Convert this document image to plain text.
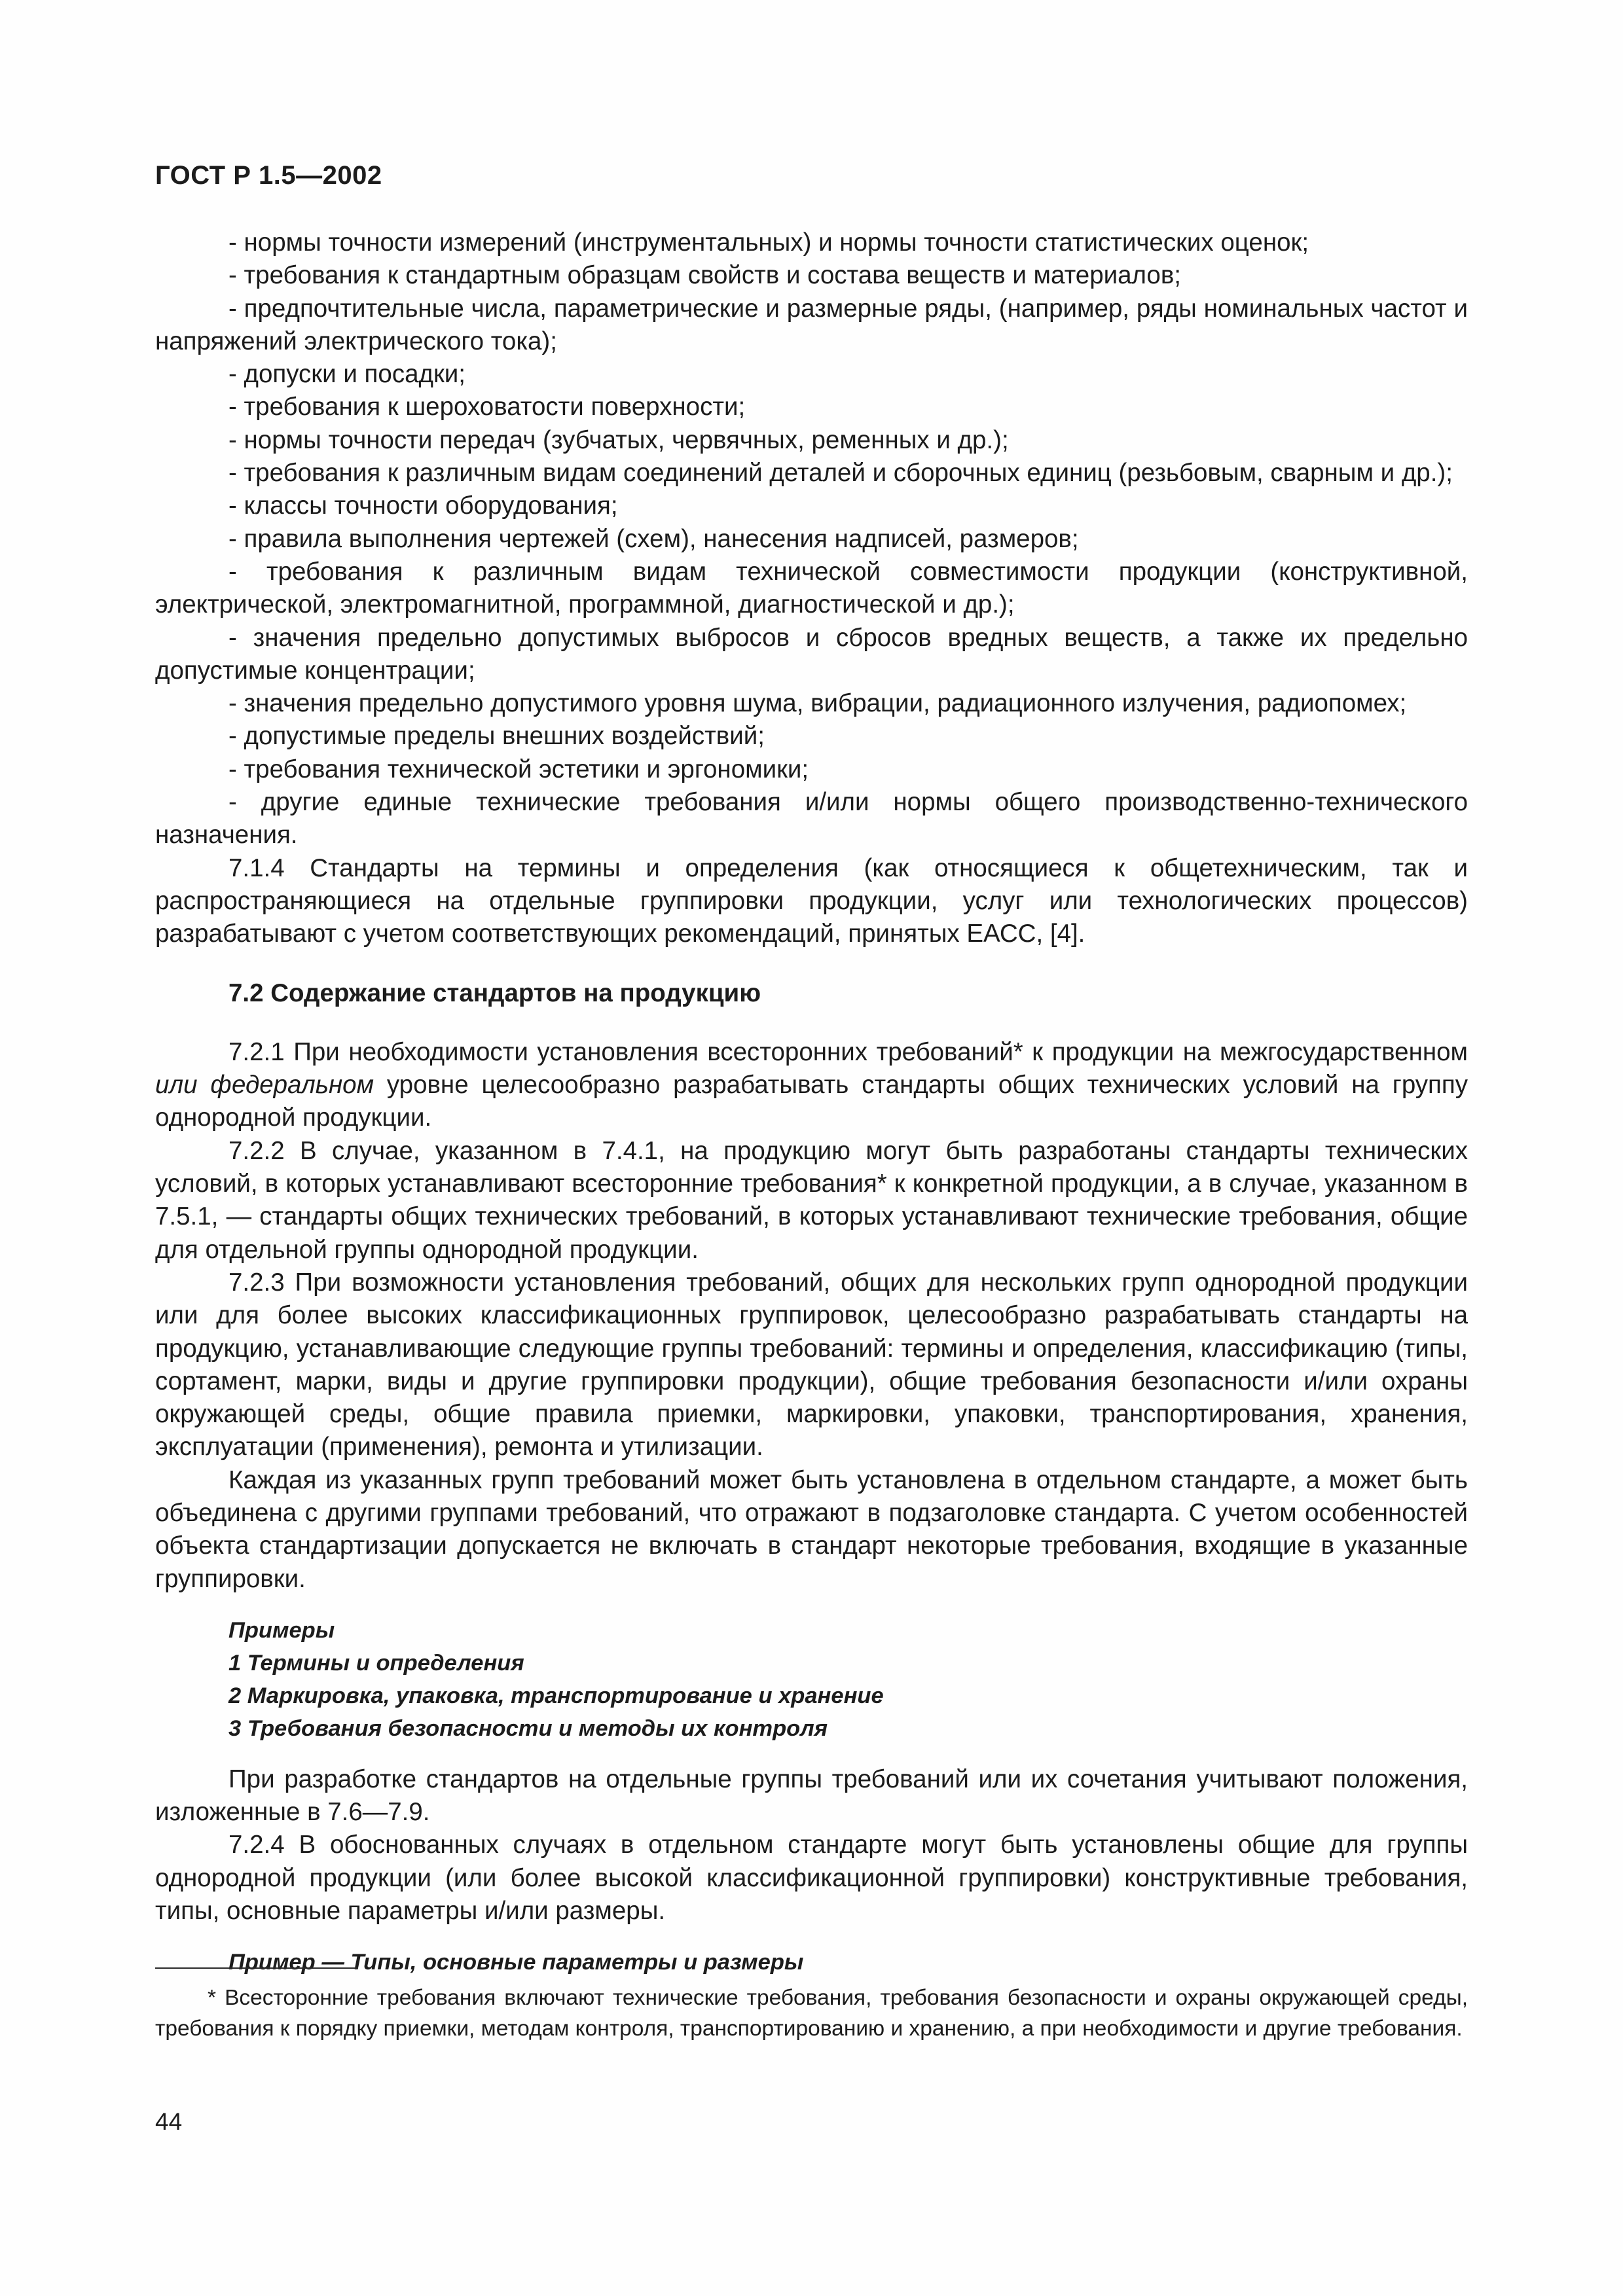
ГОСТ Р 1.5—2002

- нормы точности измерений (инструментальных) и нормы точности статистических оценок;

- требования к стандартным образцам свойств и состава веществ и материалов;

- предпочтительные числа, параметрические и размерные ряды, (например, ряды номинальных частот и напряжений электрического тока);

- допуски и посадки;

- требования к шероховатости поверхности;

- нормы точности передач (зубчатых, червячных, ременных и др.);

- требования к различным видам соединений деталей и сборочных единиц (резьбовым, сварным и др.);

- классы точности оборудования;

- правила выполнения чертежей (схем), нанесения надписей, размеров;

- требования к различным видам технической совместимости продукции (конструктивной, электрической, электромагнитной, программной, диагностической и др.);

- значения предельно допустимых выбросов и сбросов вредных веществ, а также их предельно допустимые концентрации;

- значения предельно допустимого уровня шума, вибрации, радиационного излучения, радиопомех;

- допустимые пределы внешних воздействий;

- требования технической эстетики и эргономики;

- другие единые технические требования и/или нормы общего производственно-технического назначения.

7.1.4 Стандарты на термины и определения (как относящиеся к общетехническим, так и распространяющиеся на отдельные группировки продукции, услуг или технологических процессов) разрабатывают с учетом соответствующих рекомендаций, принятых ЕАСС, [4].

7.2 Содержание стандартов на продукцию

7.2.1 При необходимости установления всесторонних требований* к продукции на межгосударственном или федеральном уровне целесообразно разрабатывать стандарты общих технических условий на группу однородной продукции.

7.2.2 В случае, указанном в 7.4.1, на продукцию могут быть разработаны стандарты технических условий, в которых устанавливают всесторонние требования* к конкретной продукции, а в случае, указанном в 7.5.1, — стандарты общих технических требований, в которых устанавливают технические требования, общие для отдельной группы однородной продукции.

7.2.3 При возможности установления требований, общих для нескольких групп однородной продукции или для более высоких классификационных группировок, целесообразно разрабатывать стандарты на продукцию, устанавливающие следующие группы требований: термины и определения, классификацию (типы, сортамент, марки, виды и другие группировки продукции), общие требования безопасности и/или охраны окружающей среды, общие правила приемки, маркировки, упаковки, транспортирования, хранения, эксплуатации (применения), ремонта и утилизации.

Каждая из указанных групп требований может быть установлена в отдельном стандарте, а может быть объединена с другими группами требований, что отражают в подзаголовке стандарта. С учетом особенностей объекта стандартизации допускается не включать в стандарт некоторые требования, входящие в указанные группировки.

Примеры

1 Термины и определения

2 Маркировка, упаковка, транспортирование и хранение

3 Требования безопасности и методы их контроля

При разработке стандартов на отдельные группы требований или их сочетания учитывают положения, изложенные в 7.6—7.9.

7.2.4 В обоснованных случаях в отдельном стандарте могут быть установлены общие для группы однородной продукции (или более высокой классификационной группировки) конструктивные требования, типы, основные параметры и/или размеры.

Пример — Типы, основные параметры и размеры

* Всесторонние требования включают технические требования, требования безопасности и охраны окружающей среды, требования к порядку приемки, методам контроля, транспортированию и хранению, а при необходимости и другие требования.
44
